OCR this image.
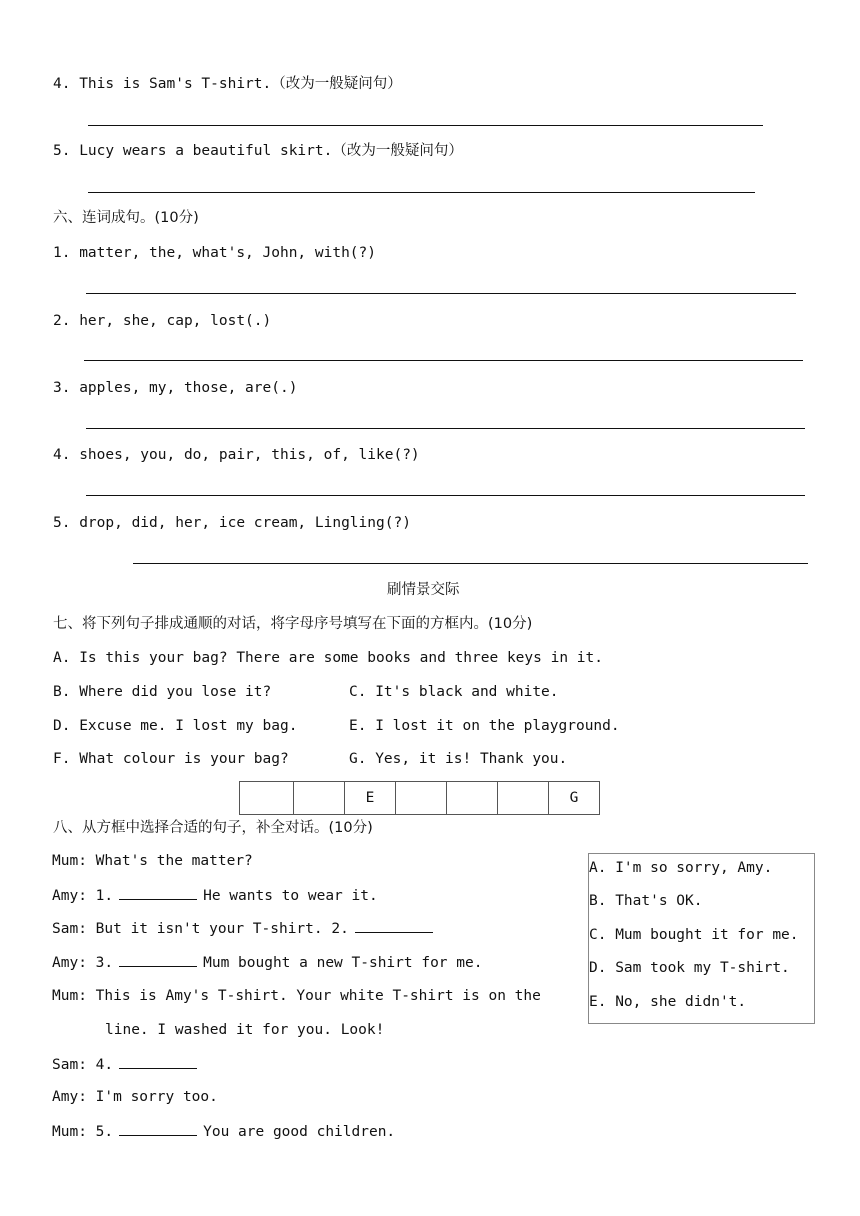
4. This is Sam's T-shirt.（改为一般疑问句）
5. Lucy wears a beautiful skirt.（改为一般疑问句）
六、连词成句。(10分)
1. matter, the, what's, John, with(?)
2. her, she, cap, lost(.)
3. apples, my, those, are(.)
4. shoes, you, do, pair, this, of, like(?)
5. drop, did, her, ice cream, Lingling(?)
刷情景交际
七、将下列句子排成通顺的对话，将字母序号填写在下面的方框内。(10分)
A. Is this your bag? There are some books and three keys in it.
B. Where did you lose it?	C. It's black and white.
D. Excuse me. I lost my bag.	E. I lost it on the playground.
F. What colour is your bag?	G. Yes, it is! Thank you.
		E				G
八、从方框中选择合适的句子，补全对话。(10分)
Mum: What's the matter?
Amy: 1.	He wants to wear it.
Sam: But it isn't your T-shirt. 2.
Amy: 3.	Mum bought a new T-shirt for me.
Mum: This is Amy's T-shirt. Your white T-shirt is on the
line. I washed it for you. Look!
Sam: 4.
Amy: I'm sorry too.
Mum: 5.	You are good children.
A. I'm so sorry, Amy.
B. That's OK.
C. Mum bought it for me.
D. Sam took my T-shirt.
E. No, she didn't.
